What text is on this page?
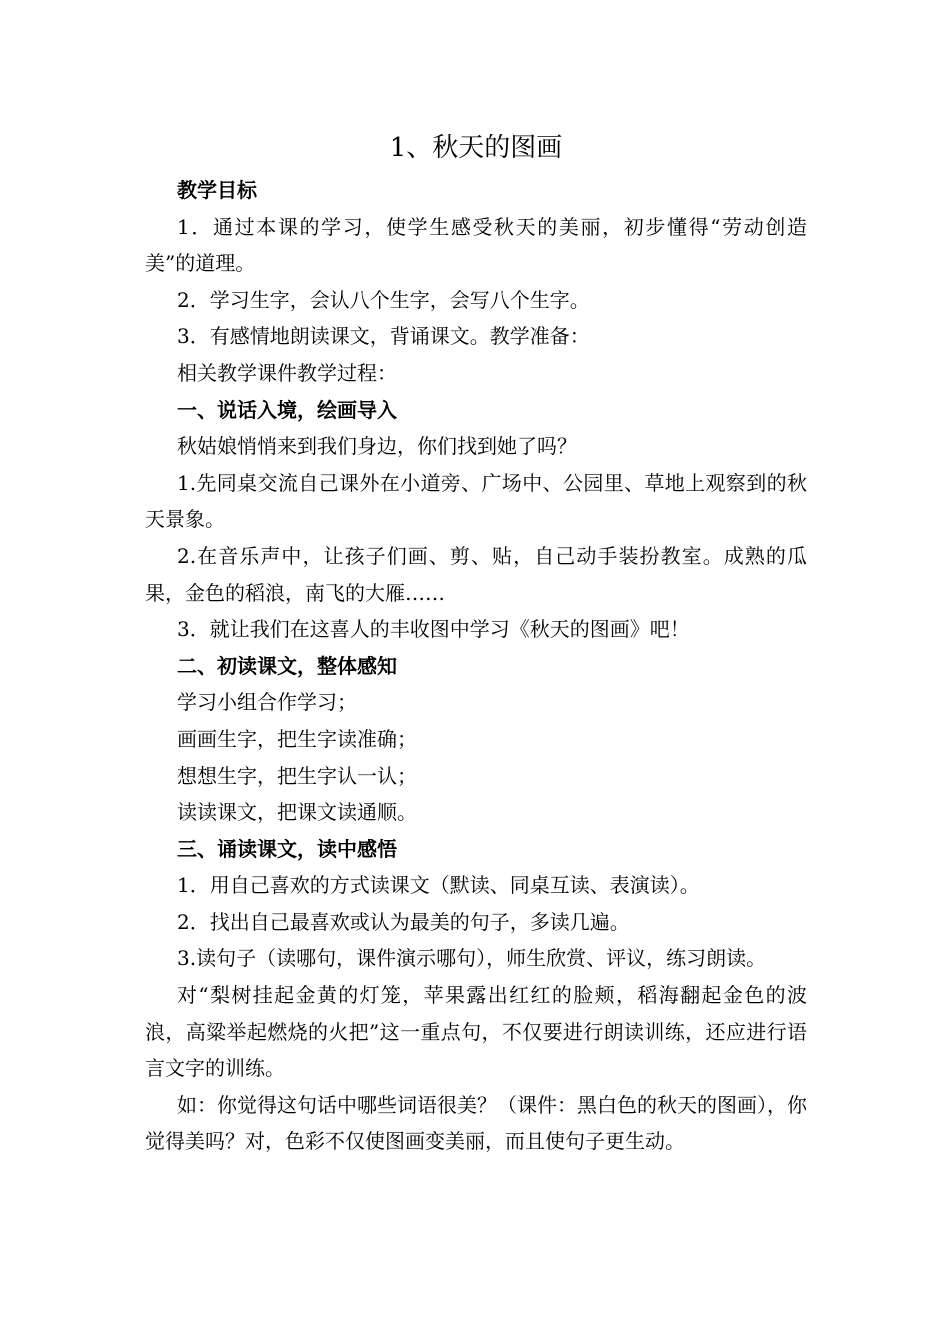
1、秋天的图画

教学目标

1．通过本课的学习，使学生感受秋天的美丽，初步懂得“劳动创造美”的道理。

2．学习生字，会认八个生字，会写八个生字。

3．有感情地朗读课文，背诵课文。教学准备：

相关教学课件教学过程：

一、说话入境，绘画导入

秋姑娘悄悄来到我们身边，你们找到她了吗？

1.先同桌交流自己课外在小道旁、广场中、公园里、草地上观察到的秋天景象。

2.在音乐声中，让孩子们画、剪、贴，自己动手装扮教室。成熟的瓜果，金色的稻浪，南飞的大雁……

3．就让我们在这喜人的丰收图中学习《秋天的图画》吧！

二、初读课文，整体感知

学习小组合作学习；

画画生字，把生字读准确；

想想生字，把生字认一认；

读读课文，把课文读通顺。

三、诵读课文，读中感悟

1．用自己喜欢的方式读课文（默读、同桌互读、表演读）。

2．找出自己最喜欢或认为最美的句子，多读几遍。

3.读句子（读哪句，课件演示哪句），师生欣赏、评议，练习朗读。

对“梨树挂起金黄的灯笼，苹果露出红红的脸颊，稻海翻起金色的波浪，高粱举起燃烧的火把”这一重点句，不仅要进行朗读训练，还应进行语言文字的训练。

如：你觉得这句话中哪些词语很美？（课件：黑白色的秋天的图画），你觉得美吗？对，色彩不仅使图画变美丽，而且使句子更生动。
